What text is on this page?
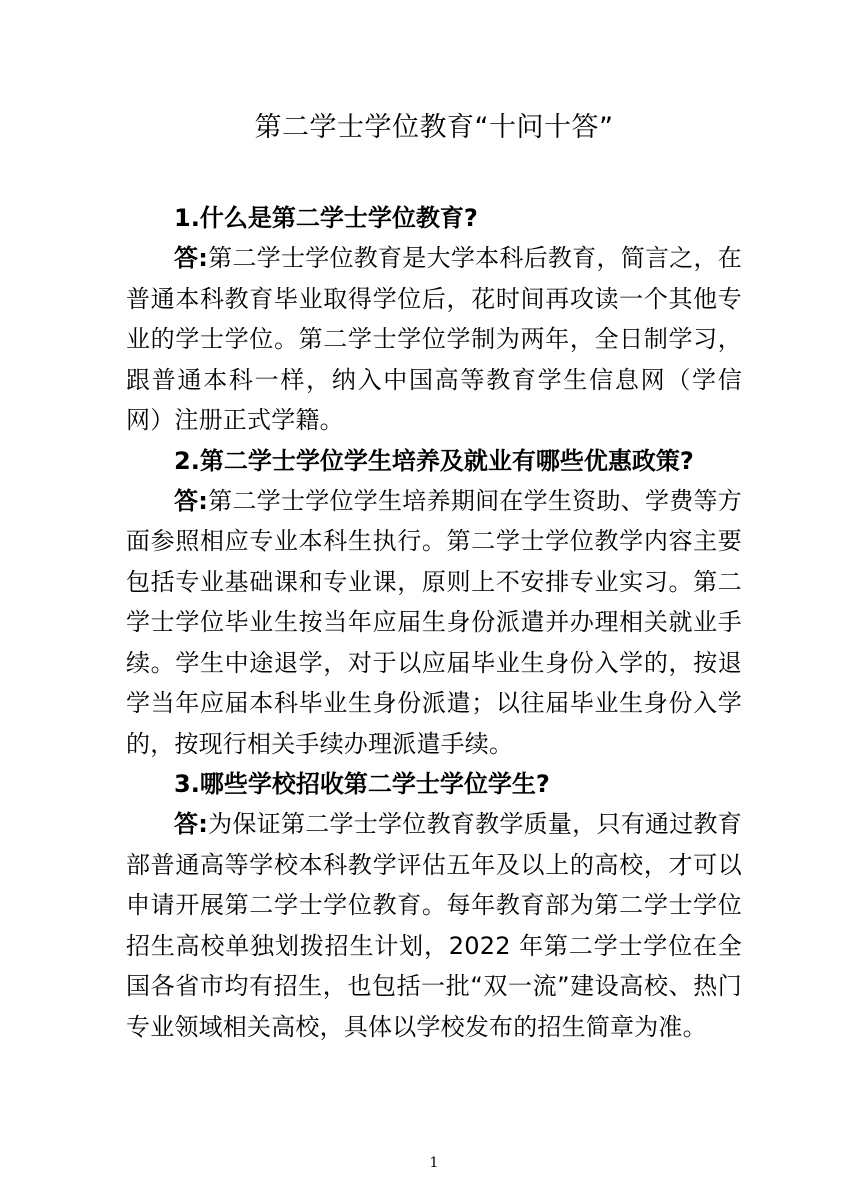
第二学士学位教育“十问十答”

1.什么是第二学士学位教育?

答:第二学士学位教育是大学本科后教育，简言之，在普通本科教育毕业取得学位后，花时间再攻读一个其他专业的学士学位。第二学士学位学制为两年，全日制学习，跟普通本科一样，纳入中国高等教育学生信息网（学信网）注册正式学籍。

2.第二学士学位学生培养及就业有哪些优惠政策?

答:第二学士学位学生培养期间在学生资助、学费等方面参照相应专业本科生执行。第二学士学位教学内容主要包括专业基础课和专业课，原则上不安排专业实习。第二学士学位毕业生按当年应届生身份派遣并办理相关就业手续。学生中途退学，对于以应届毕业生身份入学的，按退学当年应届本科毕业生身份派遣；以往届毕业生身份入学的，按现行相关手续办理派遣手续。

3.哪些学校招收第二学士学位学生?

答:为保证第二学士学位教育教学质量，只有通过教育部普通高等学校本科教学评估五年及以上的高校，才可以申请开展第二学士学位教育。每年教育部为第二学士学位招生高校单独划拨招生计划，2022 年第二学士学位在全国各省市均有招生，也包括一批“双一流”建设高校、热门专业领域相关高校，具体以学校发布的招生简章为准。

1
